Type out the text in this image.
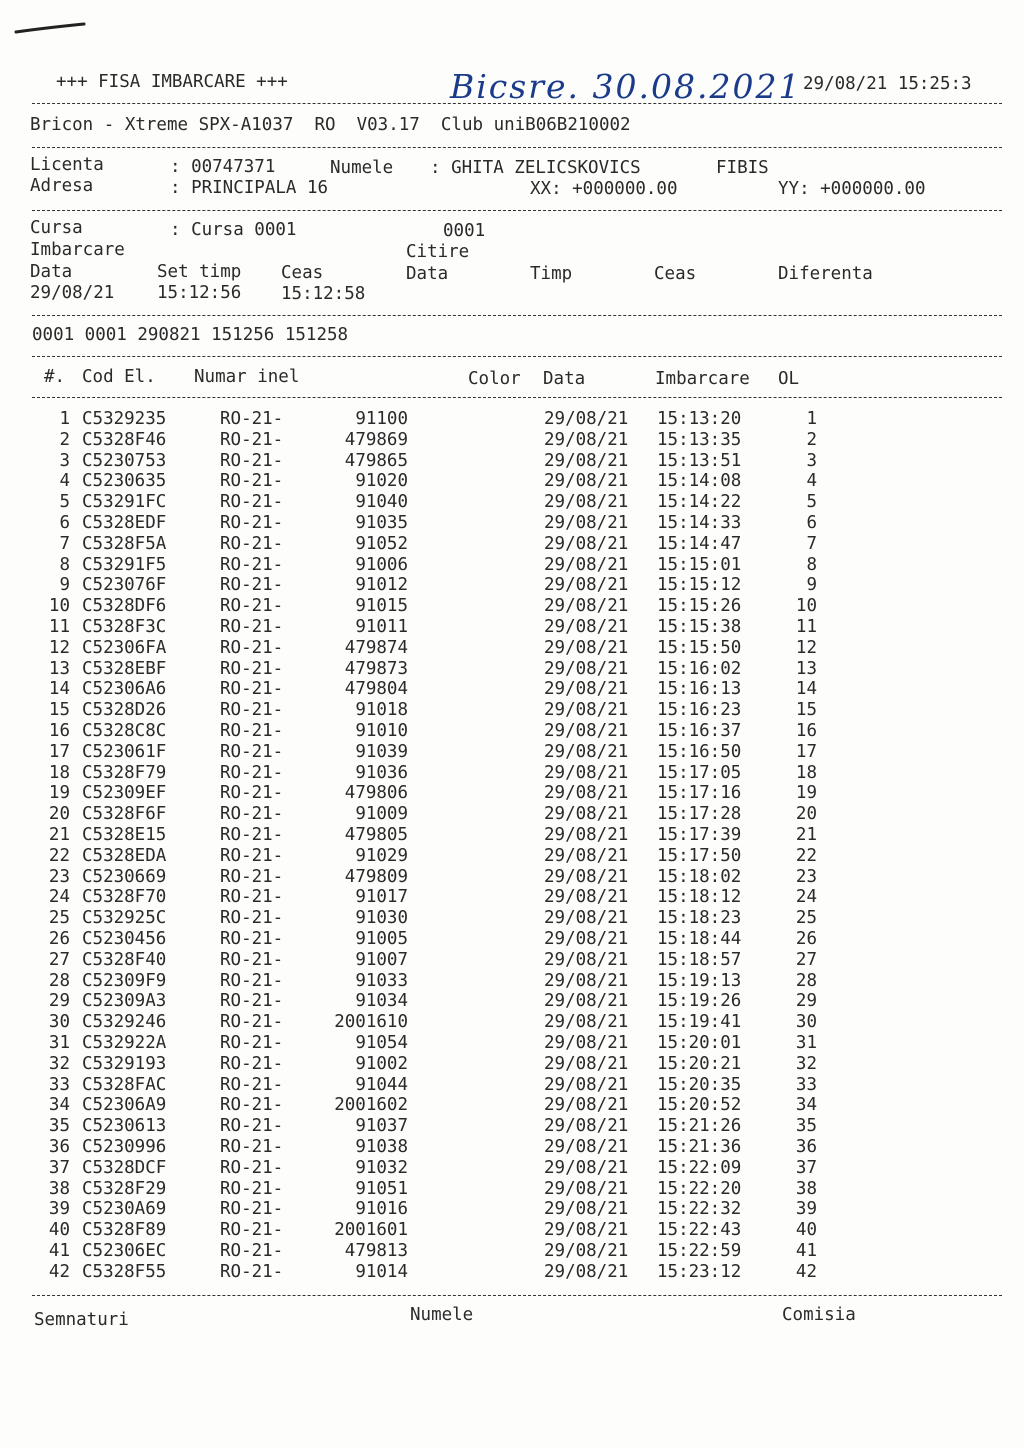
+++ FISA IMBARCARE +++	Bicsre. 30.08.2021 29/08/21 15:25:3
Bricon - Xtreme SPX-A1037  RO  V03.17  Club uniB06B210002
Licenta	: 00747371	Numele : GHITA ZELICSKOVICS	FIBIS
Adresa	: PRINCIPALA 16	XX: +000000.00	YY: +000000.00
Cursa	: Cursa 0001	0001
Imbarcare	Citire
Data	Set timp Ceas	Data	Timp	Ceas	Diferenta
29/08/21 15:12:56 15:12:58
0001 0001 290821 151256 151258
#. Cod El. Numar inel	Color Data	Imbarcare OL
1 C5329235	RO-21-	91100	29/08/21 15:13:20	1
2 C5328F46	RO-21-	479869	29/08/21 15:13:35	2
3 C5230753	RO-21-	479865	29/08/21 15:13:51	3
4 C5230635	RO-21-	91020	29/08/21 15:14:08	4
5 C53291FC	RO-21-	91040	29/08/21 15:14:22	5
6 C5328EDF	RO-21-	91035	29/08/21 15:14:33	6
7 C5328F5A	RO-21-	91052	29/08/21 15:14:47	7
8 C53291F5	RO-21-	91006	29/08/21 15:15:01	8
9 C523076F	RO-21-	91012	29/08/21 15:15:12	9
10 C5328DF6	RO-21-	91015	29/08/21 15:15:26	10
11 C5328F3C	RO-21-	91011	29/08/21 15:15:38	11
12 C52306FA	RO-21-	479874	29/08/21 15:15:50	12
13 C5328EBF	RO-21-	479873	29/08/21 15:16:02	13
14 C52306A6	RO-21-	479804	29/08/21 15:16:13	14
15 C5328D26	RO-21-	91018	29/08/21 15:16:23	15
16 C5328C8C	RO-21-	91010	29/08/21 15:16:37	16
17 C523061F	RO-21-	91039	29/08/21 15:16:50	17
18 C5328F79	RO-21-	91036	29/08/21 15:17:05	18
19 C52309EF	RO-21-	479806	29/08/21 15:17:16	19
20 C5328F6F	RO-21-	91009	29/08/21 15:17:28	20
21 C5328E15	RO-21-	479805	29/08/21 15:17:39	21
22 C5328EDA	RO-21-	91029	29/08/21 15:17:50	22
23 C5230669	RO-21-	479809	29/08/21 15:18:02	23
24 C5328F70	RO-21-	91017	29/08/21 15:18:12	24
25 C532925C	RO-21-	91030	29/08/21 15:18:23	25
26 C5230456	RO-21-	91005	29/08/21 15:18:44	26
27 C5328F40	RO-21-	91007	29/08/21 15:18:57	27
28 C52309F9	RO-21-	91033	29/08/21 15:19:13	28
29 C52309A3	RO-21-	91034	29/08/21 15:19:26	29
30 C5329246	RO-21-	2001610	29/08/21 15:19:41	30
31 C532922A	RO-21-	91054	29/08/21 15:20:01	31
32 C5329193	RO-21-	91002	29/08/21 15:20:21	32
33 C5328FAC	RO-21-	91044	29/08/21 15:20:35	33
34 C52306A9	RO-21-	2001602	29/08/21 15:20:52	34
35 C5230613	RO-21-	91037	29/08/21 15:21:26	35
36 C5230996	RO-21-	91038	29/08/21 15:21:36	36
37 C5328DCF	RO-21-	91032	29/08/21 15:22:09	37
38 C5328F29	RO-21-	91051	29/08/21 15:22:20	38
39 C5230A69	RO-21-	91016	29/08/21 15:22:32	39
40 C5328F89	RO-21-	2001601	29/08/21 15:22:43	40
41 C52306EC	RO-21-	479813	29/08/21 15:22:59	41
42 C5328F55	RO-21-	91014	29/08/21 15:23:12	42
Semnaturi	Numele	Comisia
